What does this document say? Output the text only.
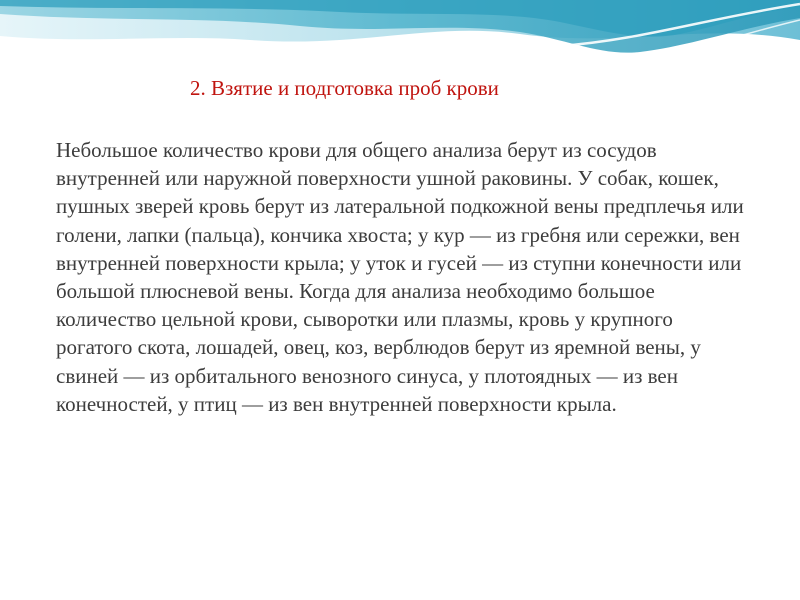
2. Взятие и подготовка проб крови

Небольшое количество крови для общего анализа берут из сосудов внутренней или наружной поверхности ушной раковины. У собак, кошек, пушных зверей кровь берут из латеральной подкожной вены предплечья или голени, лапки (пальца), кончика хвоста; у кур — из гребня или сережки, вен внутренней поверхности крыла; у уток и гусей — из ступни конечности или большой плюсневой вены. Когда для анализа необходимо большое количество цельной крови, сыворотки или плазмы, кровь у крупного рогатого скота, лошадей, овец, коз, верблюдов берут из яремной вены, у свиней — из орбитального венозного синуса, у плотоядных — из вен конечностей, у птиц — из вен внутренней поверхности крыла.
